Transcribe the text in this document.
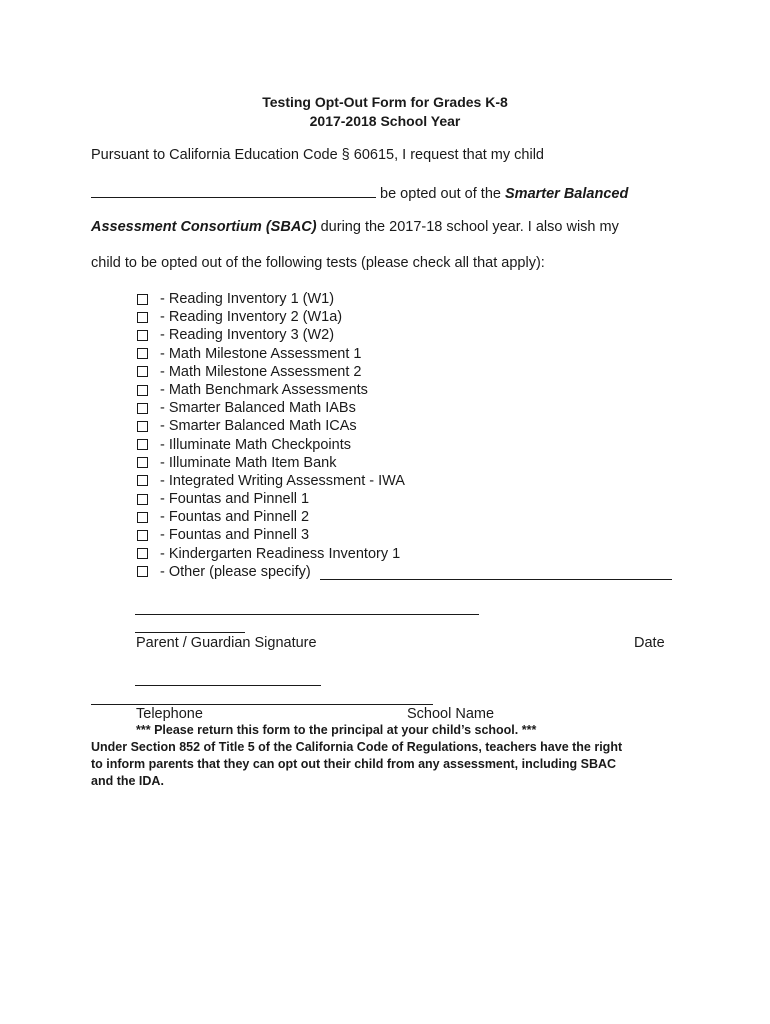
Testing Opt-Out Form for Grades K-8
2017-2018 School Year
Pursuant to California Education Code § 60615, I request that my child
be opted out of the Smarter Balanced
Assessment Consortium (SBAC) during the 2017-18 school year. I also wish my
child to be opted out of the following tests (please check all that apply):
- Reading Inventory 1 (W1)
- Reading Inventory 2 (W1a)
- Reading Inventory 3 (W2)
- Math Milestone Assessment 1
- Math Milestone Assessment 2
- Math Benchmark Assessments
- Smarter Balanced Math IABs
- Smarter Balanced Math ICAs
- Illuminate Math Checkpoints
- Illuminate Math Item Bank
- Integrated Writing Assessment - IWA
- Fountas and Pinnell 1
- Fountas and Pinnell 2
- Fountas and Pinnell 3
- Kindergarten Readiness Inventory 1
- Other (please specify)
Parent / Guardian Signature	Date
Telephone	School Name
*** Please return this form to the principal at your child’s school. ***
Under Section 852 of Title 5 of the California Code of Regulations, teachers have the right
to inform parents that they can opt out their child from any assessment, including SBAC
and the IDA.
